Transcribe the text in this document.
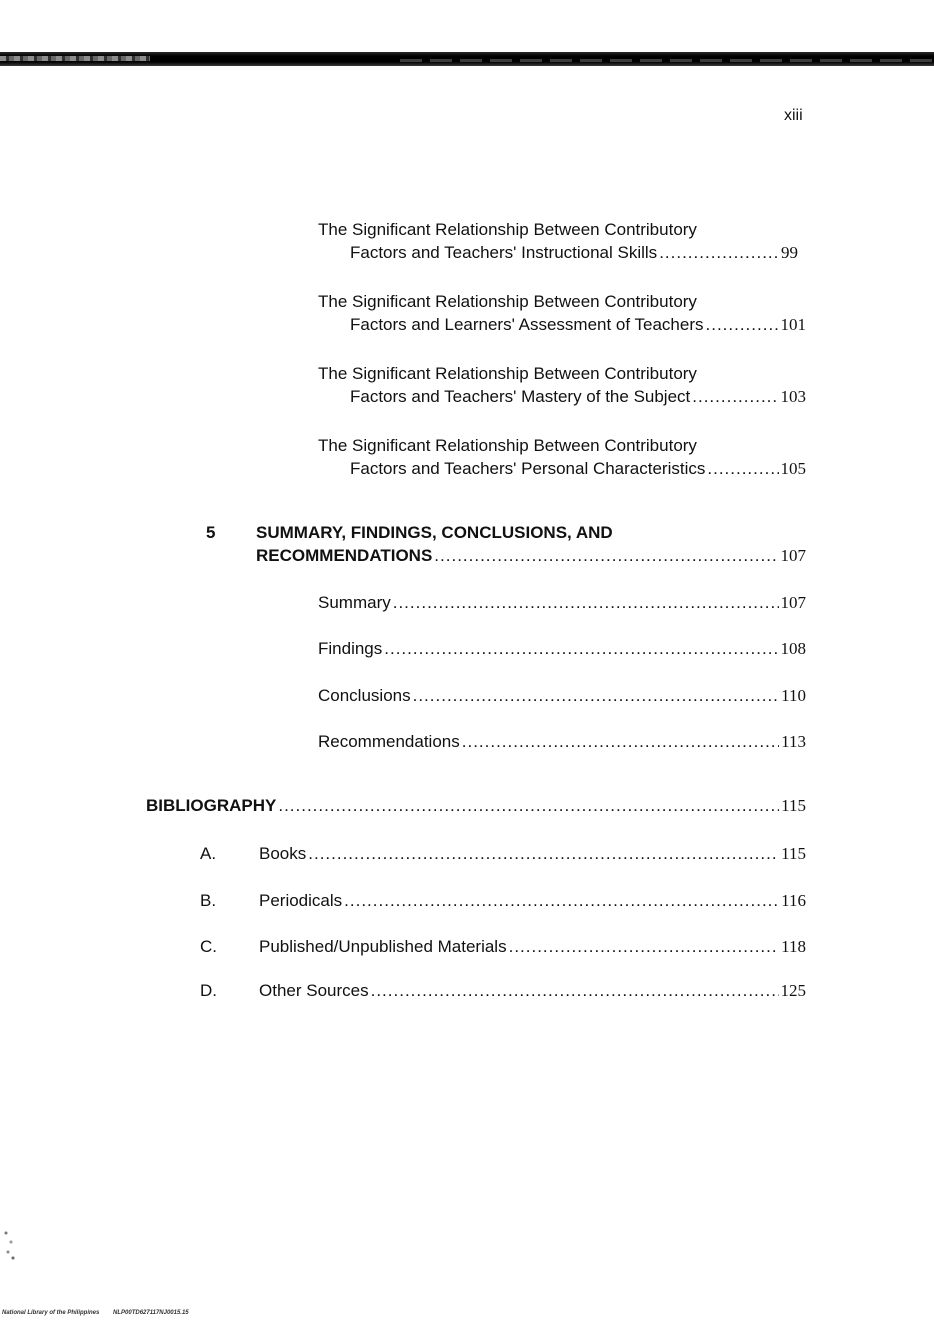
xiii
The Significant Relationship Between Contributory
Factors and Teachers' Instructional Skills .....	99
The Significant Relationship Between Contributory
Factors and Learners' Assessment of Teachers .....	101
The Significant Relationship Between Contributory
Factors and Teachers' Mastery of the Subject .....	103
The Significant Relationship Between Contributory
Factors and Teachers' Personal Characteristics .....	105
5 SUMMARY, FINDINGS, CONCLUSIONS, AND
RECOMMENDATIONS .....	107
Summary .....	107
Findings .....	108
Conclusions .....	110
Recommendations .....	113
BIBLIOGRAPHY .....	115
A.	Books .....	115
B.	Periodicals .....	116
C. Published/Unpublished Materials .....	118
D. Other Sources .....	125
National Library of the Philippines NLP00TD627117NJ0015.15
